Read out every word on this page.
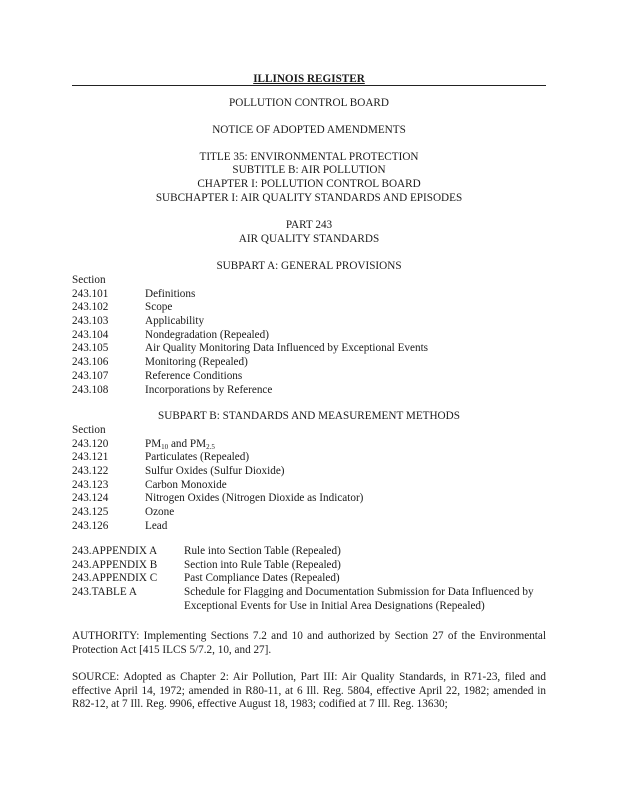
ILLINOIS REGISTER
POLLUTION CONTROL BOARD
NOTICE OF ADOPTED AMENDMENTS
TITLE 35: ENVIRONMENTAL PROTECTION
SUBTITLE B: AIR POLLUTION
CHAPTER I: POLLUTION CONTROL BOARD
SUBCHAPTER I: AIR QUALITY STANDARDS AND EPISODES
PART 243
AIR QUALITY STANDARDS
SUBPART A: GENERAL PROVISIONS
Section
243.101	Definitions
243.102	Scope
243.103	Applicability
243.104	Nondegradation (Repealed)
243.105	Air Quality Monitoring Data Influenced by Exceptional Events
243.106	Monitoring (Repealed)
243.107	Reference Conditions
243.108	Incorporations by Reference
SUBPART B: STANDARDS AND MEASUREMENT METHODS
Section
243.120	$PM_{10}$ and $PM_{2.5}$
243.121	Particulates (Repealed)
243.122	Sulfur Oxides (Sulfur Dioxide)
243.123	Carbon Monoxide
243.124	Nitrogen Oxides (Nitrogen Dioxide as Indicator)
243.125	Ozone
243.126	Lead
243.APPENDIX A	Rule into Section Table (Repealed)
243.APPENDIX B	Section into Rule Table (Repealed)
243.APPENDIX C	Past Compliance Dates (Repealed)
243.TABLE A	Schedule for Flagging and Documentation Submission for Data Influenced by Exceptional Events for Use in Initial Area Designations (Repealed)
AUTHORITY: Implementing Sections 7.2 and 10 and authorized by Section 27 of the Environmental Protection Act [415 ILCS 5/7.2, 10, and 27].
SOURCE: Adopted as Chapter 2: Air Pollution, Part III: Air Quality Standards, in R71-23, filed and effective April 14, 1972; amended in R80-11, at 6 Ill. Reg. 5804, effective April 22, 1982; amended in R82-12, at 7 Ill. Reg. 9906, effective August 18, 1983; codified at 7 Ill. Reg. 13630;
